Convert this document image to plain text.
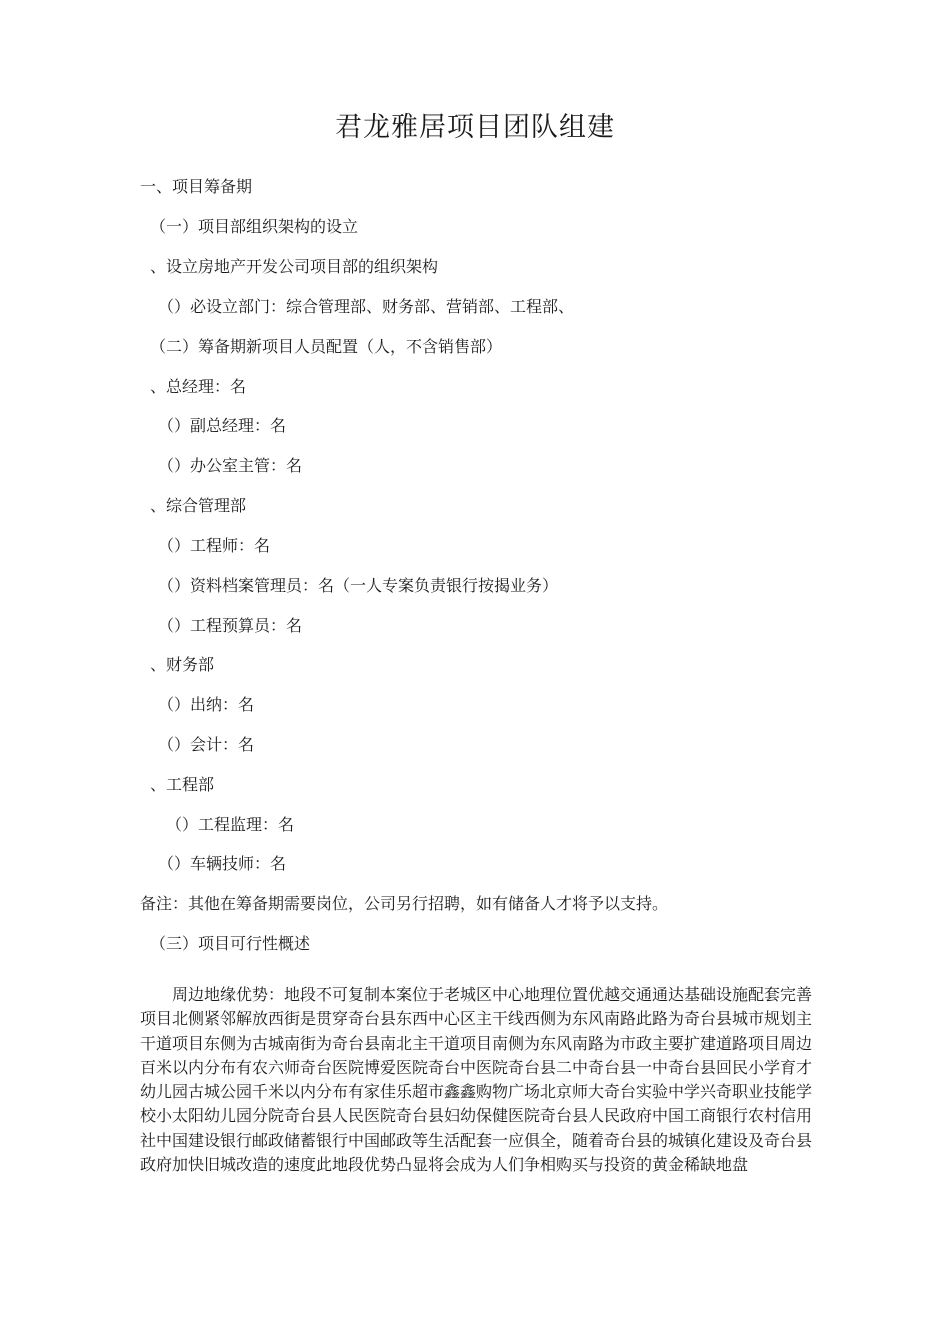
君龙雅居项目团队组建
一、项目筹备期
（一）项目部组织架构的设立
、设立房地产开发公司项目部的组织架构
（）必设立部门：综合管理部、财务部、营销部、工程部、
（二）筹备期新项目人员配置（人，不含销售部）
、总经理：名
（）副总经理：名
（）办公室主管：名
、综合管理部
（）工程师：名
（）资料档案管理员：名（一人专案负责银行按揭业务）
（）工程预算员：名
、财务部
（）出纳：名
（）会计：名
、工程部
（）工程监理：名
（）车辆技师：名
备注：其他在筹备期需要岗位，公司另行招聘，如有储备人才将予以支持。
（三）项目可行性概述
　　周边地缘优势：地段不可复制本案位于老城区中心地理位置优越交通通达基础设施配套完善项目北侧紧邻解放西街是贯穿奇台县东西中心区主干线西侧为东风南路此路为奇台县城市规划主干道项目东侧为古城南街为奇台县南北主干道项目南侧为东风南路为市政主要扩建道路项目周边百米以内分布有农六师奇台医院博爱医院奇台中医院奇台县二中奇台县一中奇台县回民小学育才幼儿园古城公园千米以内分布有家佳乐超市鑫鑫购物广场北京师大奇台实验中学兴奇职业技能学校小太阳幼儿园分院奇台县人民医院奇台县妇幼保健医院奇台县人民政府中国工商银行农村信用社中国建设银行邮政储蓄银行中国邮政等生活配套一应俱全，随着奇台县的城镇化建设及奇台县政府加快旧城改造的速度此地段优势凸显将会成为人们争相购买与投资的黄金稀缺地盘
